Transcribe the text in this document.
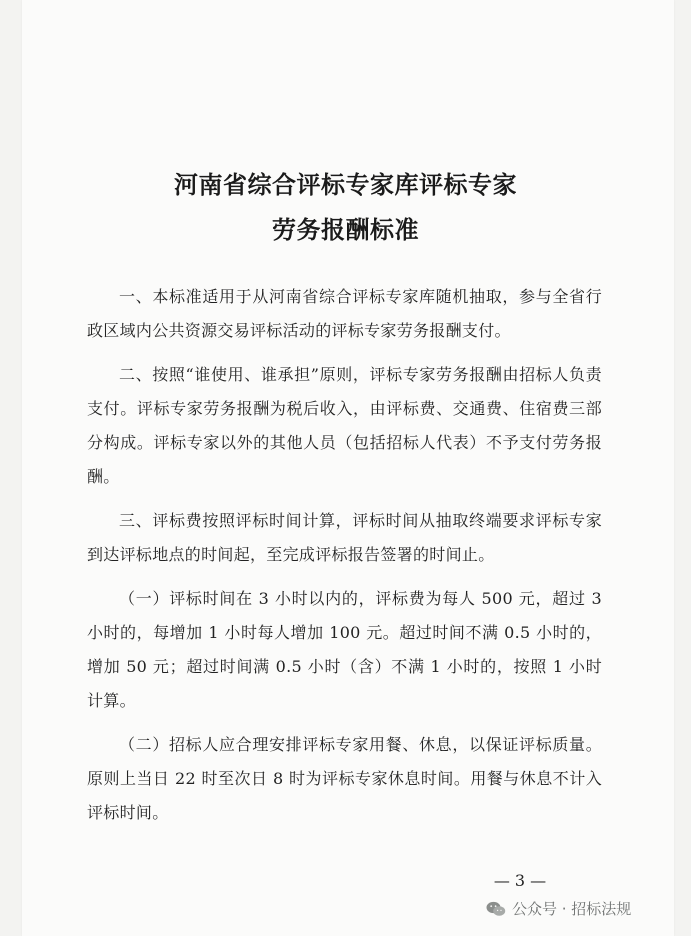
河南省综合评标专家库评标专家
劳务报酬标准

一、本标准适用于从河南省综合评标专家库随机抽取，参与全省行政区域内公共资源交易评标活动的评标专家劳务报酬支付。

二、按照“谁使用、谁承担”原则，评标专家劳务报酬由招标人负责支付。评标专家劳务报酬为税后收入，由评标费、交通费、住宿费三部分构成。评标专家以外的其他人员（包括招标人代表）不予支付劳务报酬。

三、评标费按照评标时间计算，评标时间从抽取终端要求评标专家到达评标地点的时间起，至完成评标报告签署的时间止。

（一）评标时间在 3 小时以内的，评标费为每人 500 元，超过 3 小时的，每增加 1 小时每人增加 100 元。超过时间不满 0.5 小时的，增加 50 元；超过时间满 0.5 小时（含）不满 1 小时的，按照 1 小时计算。

（二）招标人应合理安排评标专家用餐、休息，以保证评标质量。原则上当日 22 时至次日 8 时为评标专家休息时间。用餐与休息不计入评标时间。

— 3 —
公众号 · 招标法规
